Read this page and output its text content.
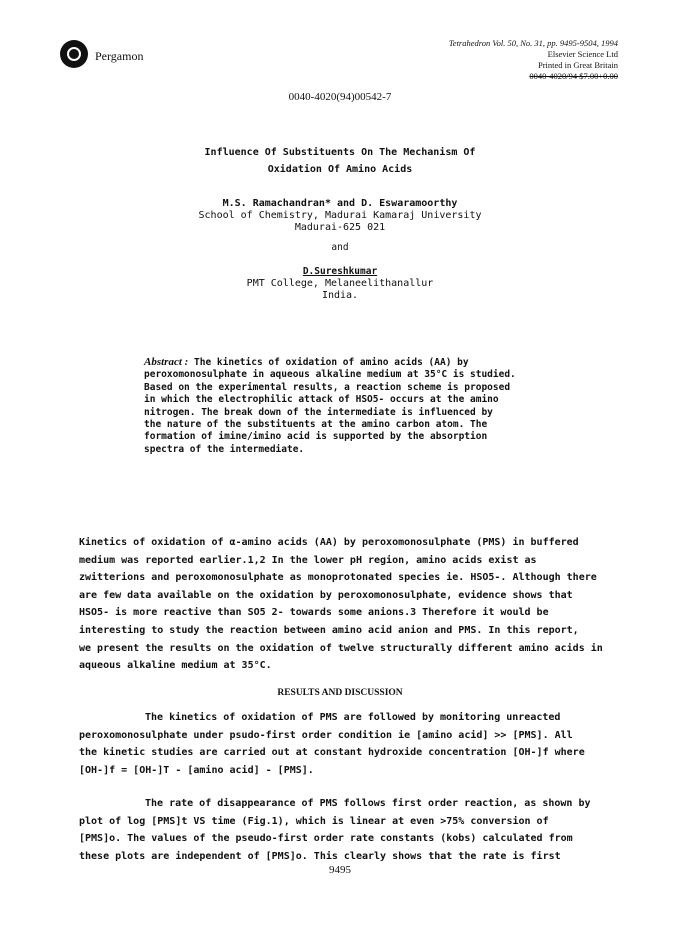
Pergamon
Tetrahedron Vol. 50, No. 31, pp. 9495-9504, 1994
Elsevier Science Ltd
Printed in Great Britain
0040-4020/94 $7.00+0.00
0040-4020(94)00542-7
Influence Of Substituents On The Mechanism Of
Oxidation Of Amino Acids
M.S. Ramachandran* and D. Eswaramoorthy
School of Chemistry, Madurai Kamaraj University
Madurai-625 021
and
D.Sureshkumar
PMT College, Melaneelithanallur
India.
Abstract : The kinetics of oxidation of amino acids (AA) by
peroxomonosulphate in aqueous alkaline medium at 35°C is studied.
Based on the experimental results, a reaction scheme is proposed
in which the electrophilic attack of HSO5- occurs at the amino
nitrogen. The break down of the intermediate is influenced by
the nature of the substituents at the amino carbon atom. The
formation of imine/imino acid is supported by the absorption
spectra of the intermediate.
Kinetics of oxidation of α-amino acids (AA) by peroxomonosulphate (PMS) in buffered
medium was reported earlier.1,2 In the lower pH region, amino acids exist as
zwitterions and peroxomonosulphate as monoprotonated species ie. HSO5-. Although there
are few data available on the oxidation by peroxomonosulphate, evidence shows that
HSO5- is more reactive than SO5 2- towards some anions.3 Therefore it would be
interesting to study the reaction between amino acid anion and PMS. In this report,
we present the results on the oxidation of twelve structurally different amino acids in
aqueous alkaline medium at 35°C.
RESULTS AND DISCUSSION
The kinetics of oxidation of PMS are followed by monitoring unreacted
peroxomonosulphate under psudo-first order condition ie [amino acid] >> [PMS]. All
the kinetic studies are carried out at constant hydroxide concentration [OH-]f where
[OH-]f = [OH-]T - [amino acid] - [PMS].
The rate of disappearance of PMS follows first order reaction, as shown by
plot of log [PMS]t VS time (Fig.1), which is linear at even >75% conversion of
[PMS]o. The values of the pseudo-first order rate constants (kobs) calculated from
these plots are independent of [PMS]o. This clearly shows that the rate is first
9495
